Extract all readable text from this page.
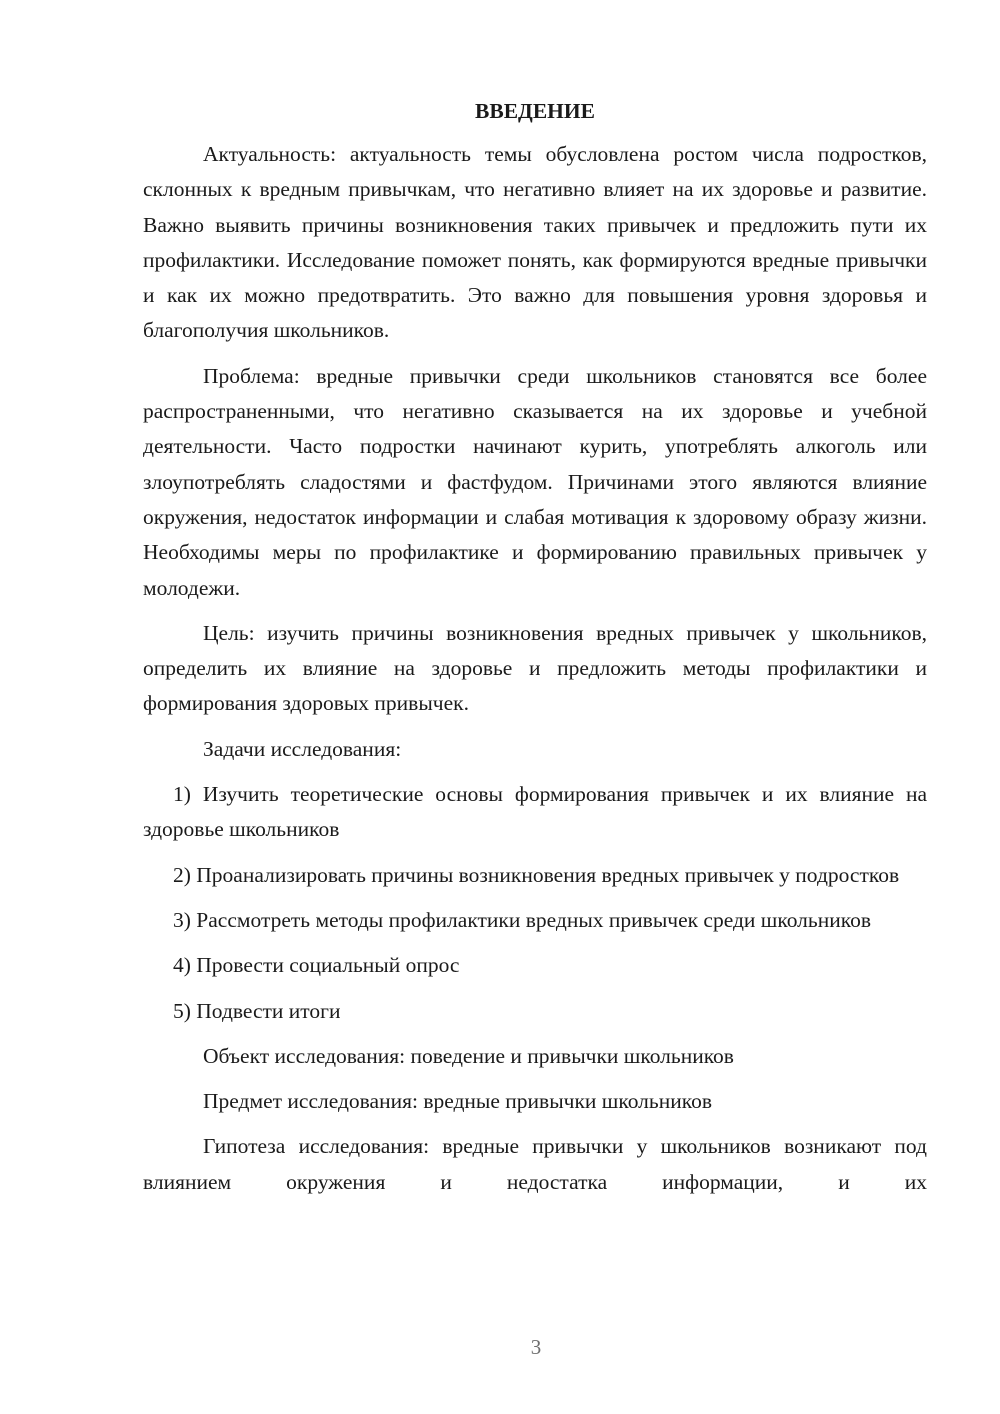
ВВЕДЕНИЕ

Актуальность: актуальность темы обусловлена ростом числа подростков, склонных к вредным привычкам, что негативно влияет на их здоровье и развитие. Важно выявить причины возникновения таких привычек и предложить пути их профилактики. Исследование поможет понять, как формируются вредные привычки и как их можно предотвратить. Это важно для повышения уровня здоровья и благополучия школьников.

Проблема: вредные привычки среди школьников становятся все более распространенными, что негативно сказывается на их здоровье и учебной деятельности. Часто подростки начинают курить, употреблять алкоголь или злоупотреблять сладостями и фастфудом. Причинами этого являются влияние окружения, недостаток информации и слабая мотивация к здоровому образу жизни. Необходимы меры по профилактике и формированию правильных привычек у молодежи.

Цель: изучить причины возникновения вредных привычек у школьников, определить их влияние на здоровье и предложить методы профилактики и формирования здоровых привычек.

Задачи исследования:

1) Изучить теоретические основы формирования привычек и их влияние на здоровье школьников

2) Проанализировать причины возникновения вредных привычек у подростков

3) Рассмотреть методы профилактики вредных привычек среди школьников

4) Провести социальный опрос

5) Подвести итоги

Объект исследования: поведение и привычки школьников

Предмет исследования: вредные привычки школьников

Гипотеза исследования: вредные привычки у школьников возникают под влиянием окружения и недостатка информации, и их

3
